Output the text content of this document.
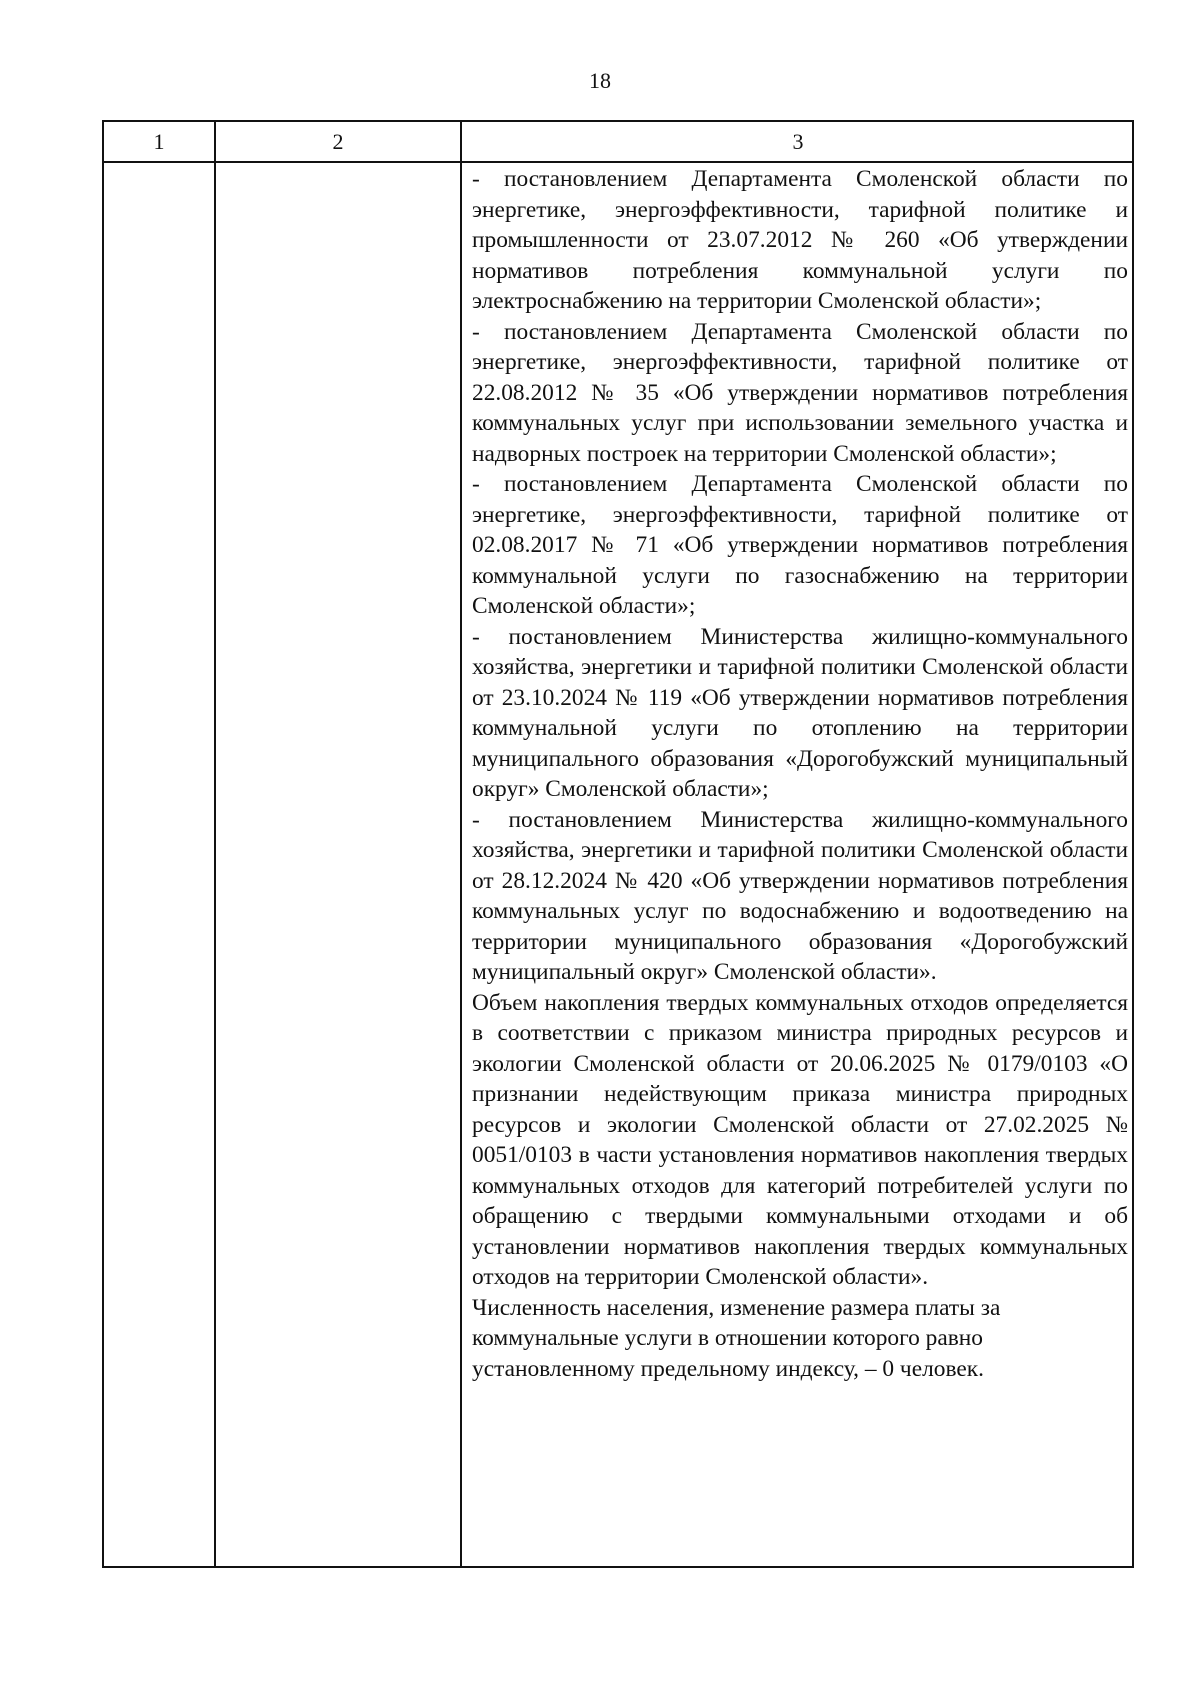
18
1	2	3

- постановлением Департамента Смоленской области по энергетике, энергоэффективности, тарифной политике и промышленности от 23.07.2012 № 260 «Об утверждении нормативов потребления коммунальной услуги по электроснабжению на территории Смоленской области»;

- постановлением Департамента Смоленской области по энергетике, энергоэффективности, тарифной политике от 22.08.2012 № 35 «Об утверждении нормативов потребления коммунальных услуг при использовании земельного участка и надворных построек на территории Смоленской области»;

- постановлением Департамента Смоленской области по энергетике, энергоэффективности, тарифной политике от 02.08.2017 № 71 «Об утверждении нормативов потребления коммунальной услуги по газоснабжению на территории Смоленской области»;

- постановлением Министерства жилищно-коммунального хозяйства, энергетики и тарифной политики Смоленской области от 23.10.2024 № 119 «Об утверждении нормативов потребления коммунальной услуги по отоплению на территории муниципального образования «Дорогобужский муниципальный округ» Смоленской области»;

- постановлением Министерства жилищно-коммунального хозяйства, энергетики и тарифной политики Смоленской области от 28.12.2024 № 420 «Об утверждении нормативов потребления коммунальных услуг по водоснабжению и водоотведению на территории муниципального образования «Дорогобужский муниципальный округ» Смоленской области».

Объем накопления твердых коммунальных отходов определяется в соответствии с приказом министра природных ресурсов и экологии Смоленской области от 20.06.2025 № 0179/0103 «О признании недействующим приказа министра природных ресурсов и экологии Смоленской области от 27.02.2025 № 0051/0103 в части установления нормативов накопления твердых коммунальных отходов для категорий потребителей услуги по обращению с твердыми коммунальными отходами и об установлении нормативов накопления твердых коммунальных отходов на территории Смоленской области».

Численность населения, изменение размера платы за коммунальные услуги в отношении которого равно установленному предельному индексу, – 0 человек.
